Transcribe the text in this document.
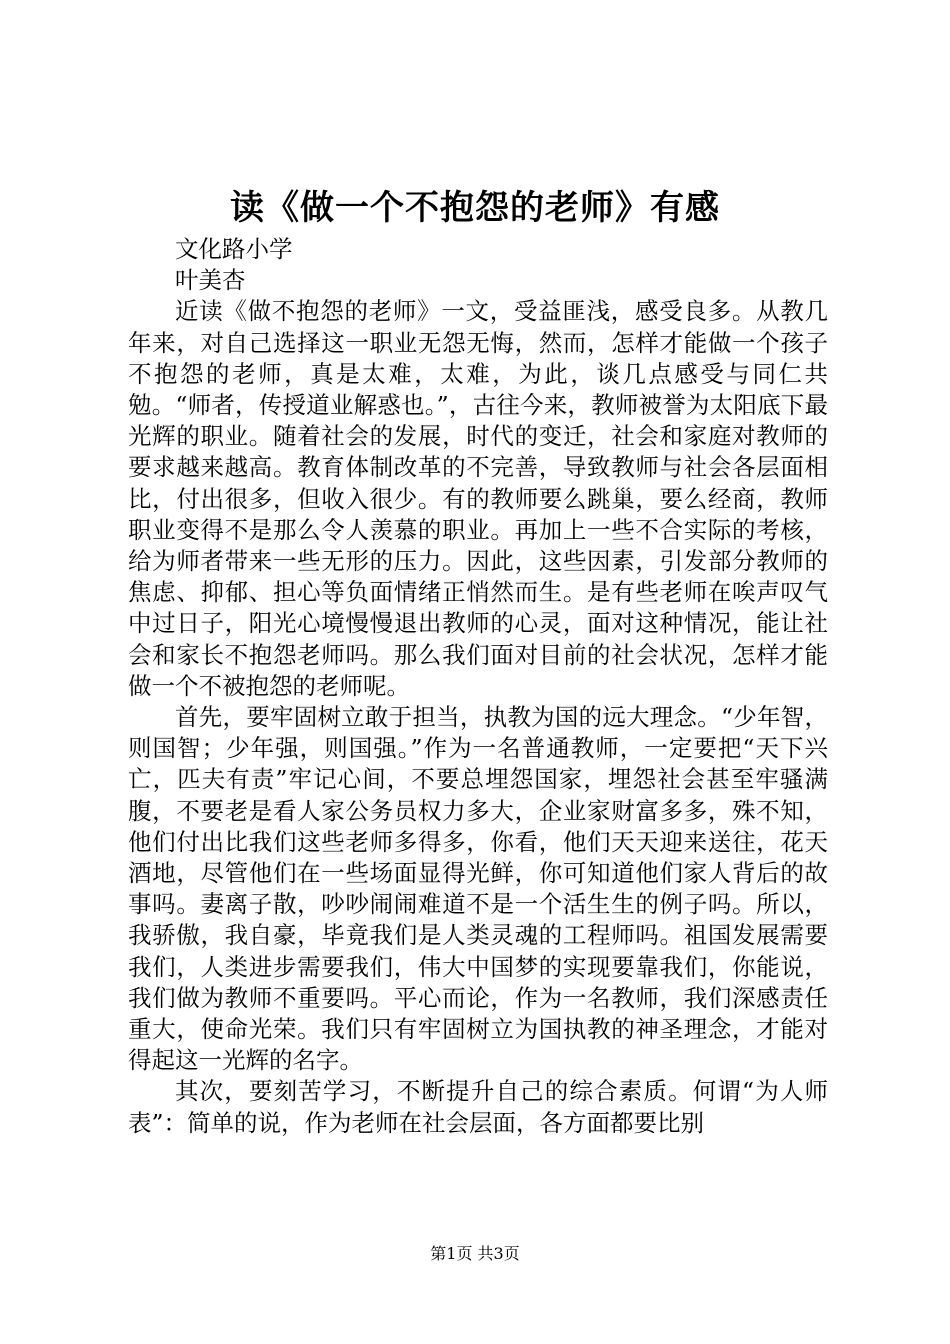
读《做一个不抱怨的老师》有感

文化路小学

叶美杏

近读《做不抱怨的老师》一文，受益匪浅，感受良多。从教几年来，对自己选择这一职业无怨无悔，然而，怎样才能做一个孩子不抱怨的老师，真是太难，太难，为此，谈几点感受与同仁共勉。“师者，传授道业解惑也。”，古往今来，教师被誉为太阳底下最光辉的职业。随着社会的发展，时代的变迁，社会和家庭对教师的要求越来越高。教育体制改革的不完善，导致教师与社会各层面相比，付出很多，但收入很少。有的教师要么跳巢，要么经商，教师职业变得不是那么令人羡慕的职业。再加上一些不合实际的考核，给为师者带来一些无形的压力。因此，这些因素，引发部分教师的焦虑、抑郁、担心等负面情绪正悄然而生。是有些老师在唉声叹气中过日子，阳光心境慢慢退出教师的心灵，面对这种情况，能让社会和家长不抱怨老师吗。那么我们面对目前的社会状况，怎样才能做一个不被抱怨的老师呢。

首先，要牢固树立敢于担当，执教为国的远大理念。“少年智，则国智；少年强，则国强。”作为一名普通教师，一定要把“天下兴亡，匹夫有责”牢记心间，不要总埋怨国家，埋怨社会甚至牢骚满腹，不要老是看人家公务员权力多大，企业家财富多多，殊不知，他们付出比我们这些老师多得多，你看，他们天天迎来送往，花天酒地，尽管他们在一些场面显得光鲜，你可知道他们家人背后的故事吗。妻离子散，吵吵闹闹难道不是一个活生生的例子吗。所以，我骄傲，我自豪，毕竟我们是人类灵魂的工程师吗。祖国发展需要我们，人类进步需要我们，伟大中国梦的实现要靠我们，你能说，我们做为教师不重要吗。平心而论，作为一名教师，我们深感责任重大，使命光荣。我们只有牢固树立为国执教的神圣理念，才能对得起这一光辉的名字。

其次，要刻苦学习，不断提升自己的综合素质。何谓“为人师表”：简单的说，作为老师在社会层面，各方面都要比别

第1页 共3页
